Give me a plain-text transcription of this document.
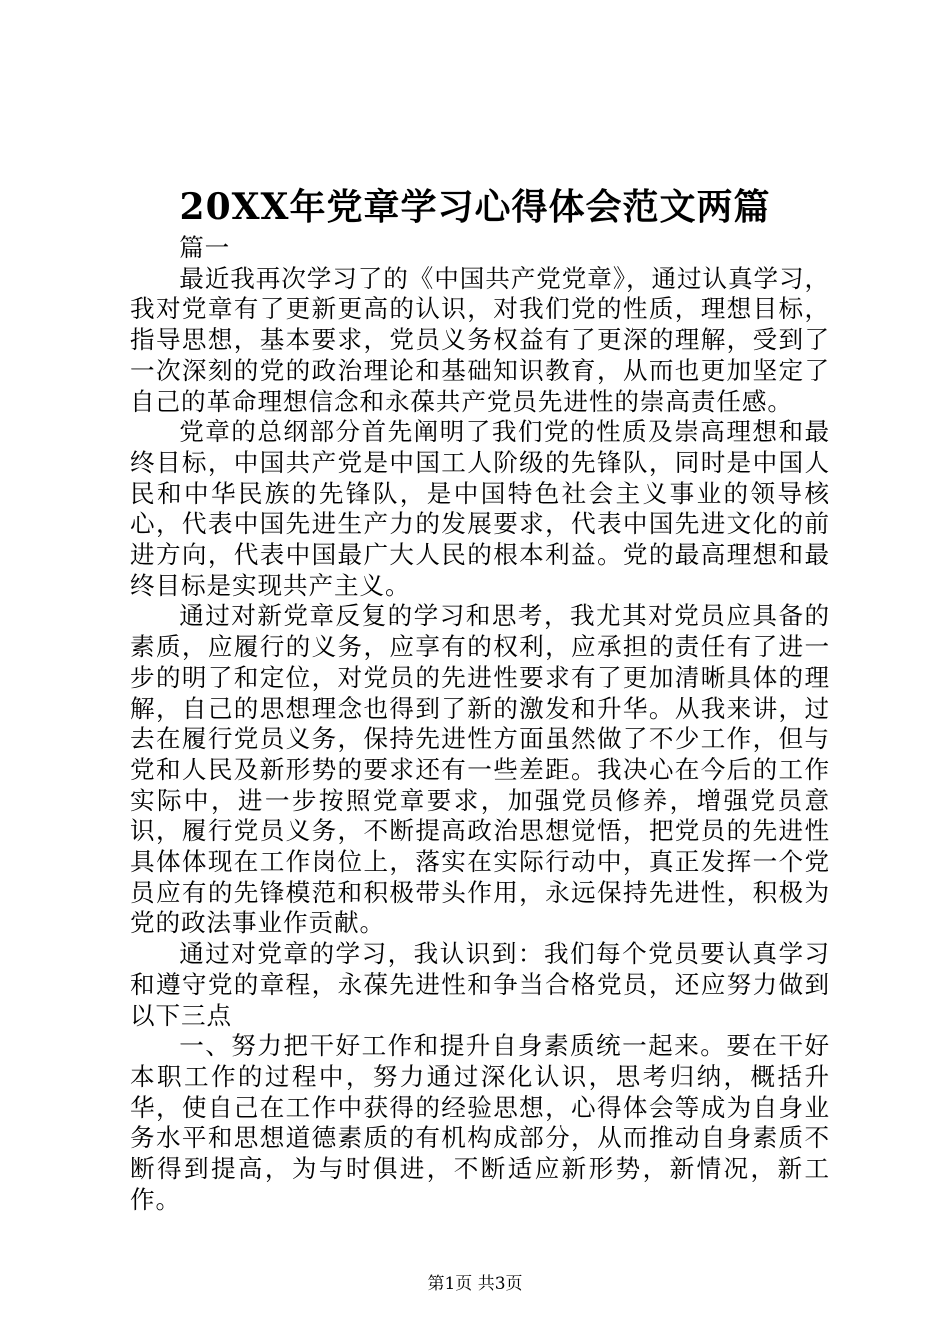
20XX年党章学习心得体会范文两篇

篇一

最近我再次学习了的《中国共产党党章》，通过认真学习，我对党章有了更新更高的认识，对我们党的性质，理想目标，指导思想，基本要求，党员义务权益有了更深的理解，受到了一次深刻的党的政治理论和基础知识教育，从而也更加坚定了自己的革命理想信念和永葆共产党员先进性的崇高责任感。

党章的总纲部分首先阐明了我们党的性质及崇高理想和最终目标，中国共产党是中国工人阶级的先锋队，同时是中国人民和中华民族的先锋队，是中国特色社会主义事业的领导核心，代表中国先进生产力的发展要求，代表中国先进文化的前进方向，代表中国最广大人民的根本利益。党的最高理想和最终目标是实现共产主义。

通过对新党章反复的学习和思考，我尤其对党员应具备的素质，应履行的义务，应享有的权利，应承担的责任有了进一步的明了和定位，对党员的先进性要求有了更加清晰具体的理解，自己的思想理念也得到了新的激发和升华。从我来讲，过去在履行党员义务，保持先进性方面虽然做了不少工作，但与党和人民及新形势的要求还有一些差距。我决心在今后的工作实际中，进一步按照党章要求，加强党员修养，增强党员意识，履行党员义务，不断提高政治思想觉悟，把党员的先进性具体体现在工作岗位上，落实在实际行动中，真正发挥一个党员应有的先锋模范和积极带头作用，永远保持先进性，积极为党的政法事业作贡献。

通过对党章的学习，我认识到：我们每个党员要认真学习和遵守党的章程，永葆先进性和争当合格党员，还应努力做到以下三点

一、努力把干好工作和提升自身素质统一起来。要在干好本职工作的过程中，努力通过深化认识，思考归纳，概括升华，使自己在工作中获得的经验思想，心得体会等成为自身业务水平和思想道德素质的有机构成部分，从而推动自身素质不断得到提高，为与时俱进，不断适应新形势，新情况，新工作。

第1页 共3页
